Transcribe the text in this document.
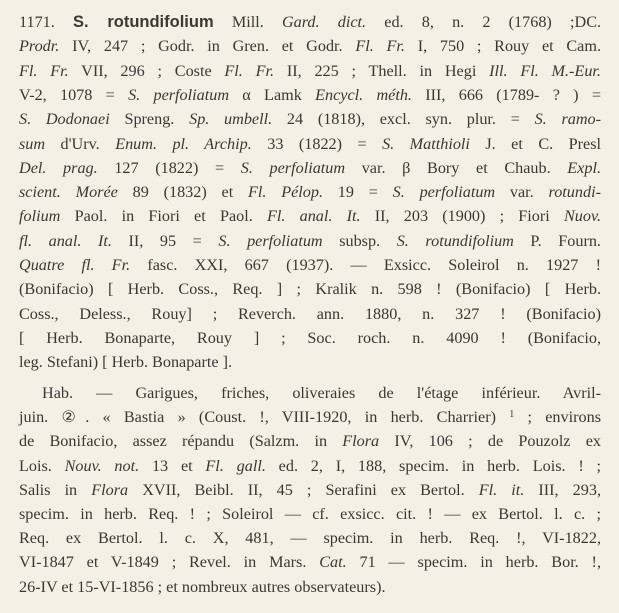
1171. S. rotundifolium Mill. Gard. dict. ed. 8, n. 2 (1768) ;DC.
Prodr. IV, 247 ; Godr. in Gren. et Godr. Fl. Fr. I, 750 ; Rouy et Cam.
Fl. Fr. VII, 296 ; Coste Fl. Fr. II, 225 ; Thell. in Hegi Ill. Fl. M.-Eur.
V-2, 1078 = S. perfoliatum α Lamk Encycl. méth. III, 666 (1789- ? ) =
S. Dodonaei Spreng. Sp. umbell. 24 (1818), excl. syn. plur. = S. ramo-
sum d'Urv. Enum. pl. Archip. 33 (1822) = S. Matthioli J. et C. Presl
Del. prag. 127 (1822) = S. perfoliatum var. β Bory et Chaub. Expl.
scient. Morée 89 (1832) et Fl. Pélop. 19 = S. perfoliatum var. rotundi-
folium Paol. in Fiori et Paol. Fl. anal. It. II, 203 (1900) ; Fiori Nuov.
fl. anal. It. II, 95 = S. perfoliatum subsp. S. rotundifolium P. Fourn.
Quatre fl. Fr. fasc. XXI, 667 (1937). — Exsicc. Soleirol n. 1927 !
(Bonifacio) [ Herb. Coss., Req. ] ; Kralik n. 598 ! (Bonifacio) [ Herb.
Coss., Deless., Rouy] ; Reverch. ann. 1880, n. 327 ! (Bonifacio)
[ Herb. Bonaparte, Rouy ] ; Soc. roch. n. 4090 ! (Bonifacio,
leg. Stefani) [ Herb. Bonaparte ].
Hab. — Garigues, friches, oliveraies de l'étage inférieur. Avril-
juin. ②. « Bastia » (Coust. !, VIII-1920, in herb. Charrier) $^1$ ; environs
de Bonifacio, assez répandu (Salzm. in Flora IV, 106 ; de Pouzolz ex
Lois. Nouv. not. 13 et Fl. gall. ed. 2, I, 188, specim. in herb. Lois. ! ;
Salis in Flora XVII, Beibl. II, 45 ; Serafini ex Bertol. Fl. it. III, 293,
specim. in herb. Req. ! ; Soleirol — cf. exsicc. cit. ! — ex Bertol. l. c. ;
Req. ex Bertol. l. c. X, 481, — specim. in herb. Req. !, VI-1822,
VI-1847 et V-1849 ; Revel. in Mars. Cat. 71 — specim. in herb. Bor. !,
26-IV et 15-VI-1856 ; et nombreux autres observateurs).
